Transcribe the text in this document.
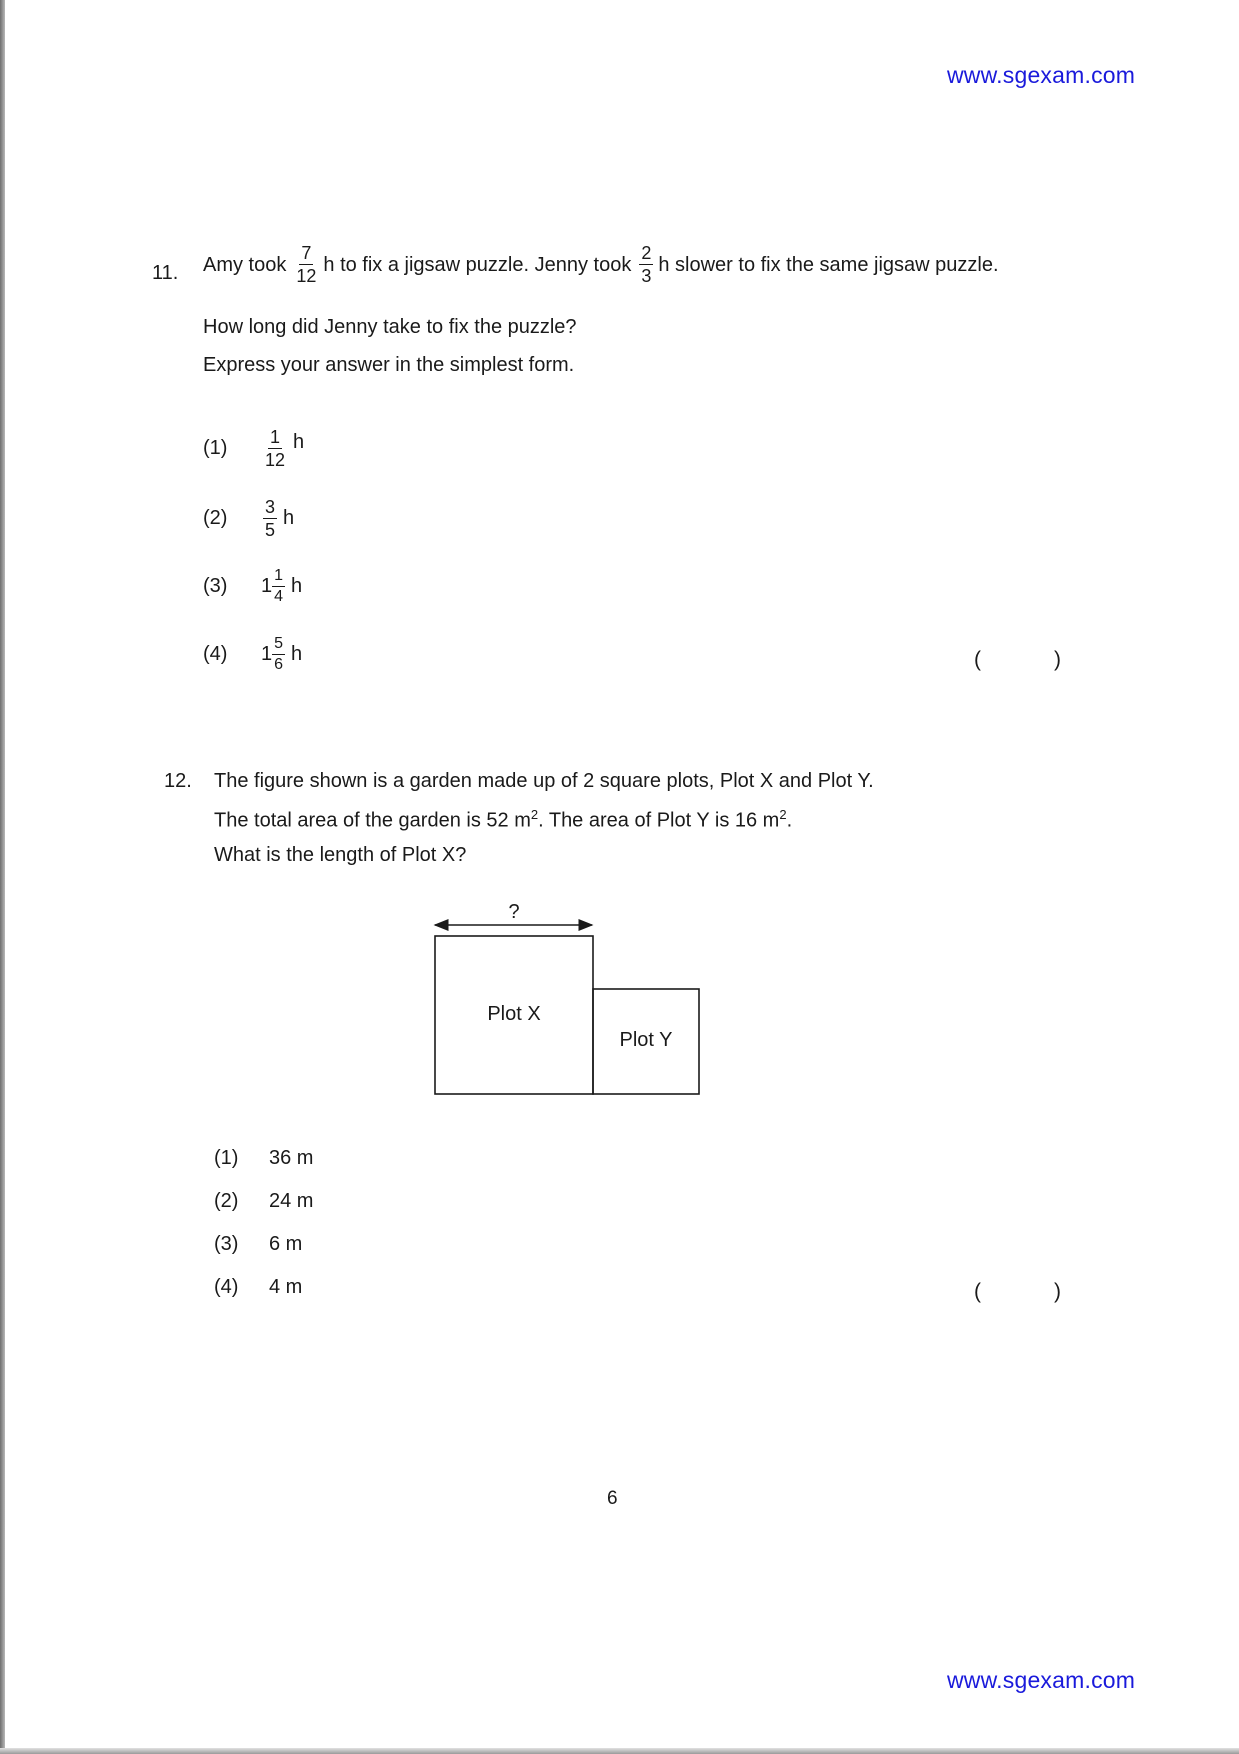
www.sgexam.com
11. Amy took $\frac{7}{12}$ h to fix a jigsaw puzzle. Jenny took $\frac{2}{3}$ h slower to fix the same jigsaw puzzle.
How long did Jenny take to fix the puzzle?
Express your answer in the simplest form.
(1)	$\frac{1}{12}$ h
(2)	$\frac{3}{5}$ h
(3)	$1 \frac{1}{4}$ h
(4)	$1 \frac{5}{6}$ h	(	)
12. The figure shown is a garden made up of 2 square plots, Plot X and Plot Y.
The total area of the garden is 52 $m^2$. The area of Plot Y is 16 $m^2$.
What is the length of Plot X?
?
Plot X
Plot Y
(1)	36 m
(2)	24 m
(3)	6 m
(4)	4 m	(	)
6
www.sgexam.com
